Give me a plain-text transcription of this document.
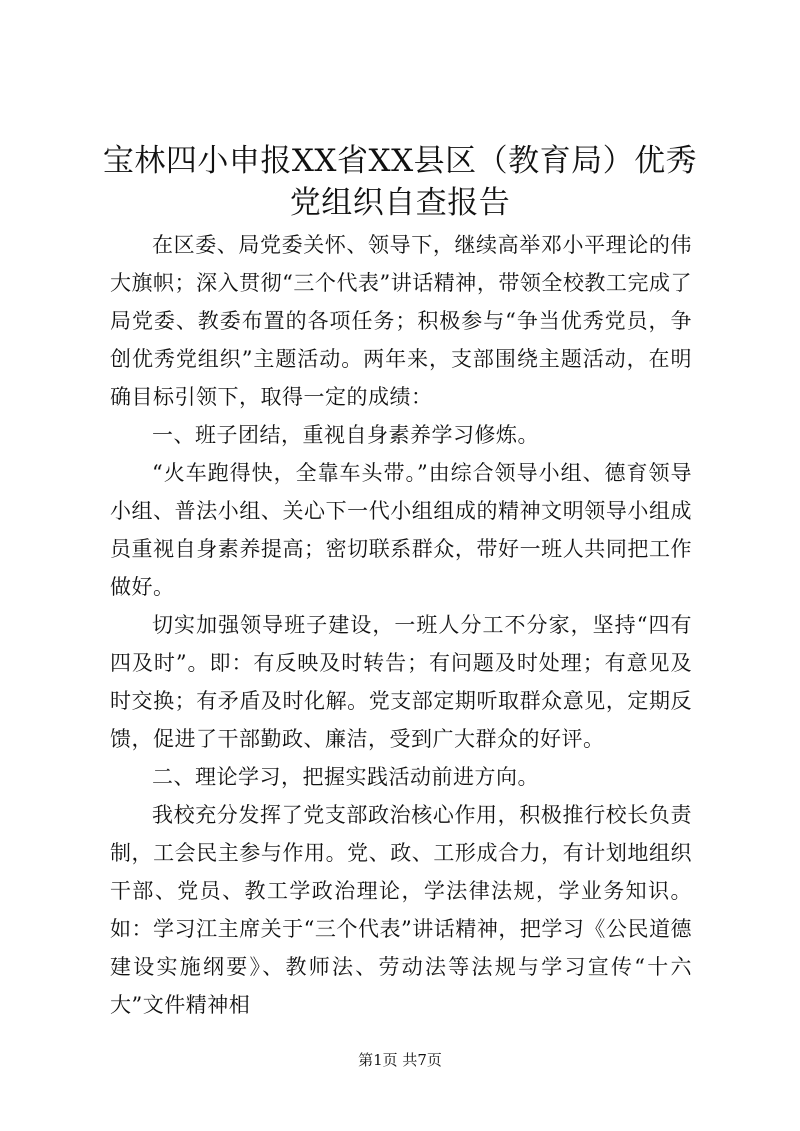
宝林四小申报XX省XX县区（教育局）优秀党组织自查报告

在区委、局党委关怀、领导下，继续高举邓小平理论的伟大旗帜；深入贯彻“三个代表”讲话精神，带领全校教工完成了局党委、教委布置的各项任务；积极参与“争当优秀党员，争创优秀党组织”主题活动。两年来，支部围绕主题活动，在明确目标引领下，取得一定的成绩：

一、班子团结，重视自身素养学习修炼。

“火车跑得快，全靠车头带。”由综合领导小组、德育领导小组、普法小组、关心下一代小组组成的精神文明领导小组成员重视自身素养提高；密切联系群众，带好一班人共同把工作做好。

切实加强领导班子建设，一班人分工不分家，坚持“四有四及时”。即：有反映及时转告；有问题及时处理；有意见及时交换；有矛盾及时化解。党支部定期听取群众意见，定期反馈，促进了干部勤政、廉洁，受到广大群众的好评。

二、理论学习，把握实践活动前进方向。

我校充分发挥了党支部政治核心作用，积极推行校长负责制，工会民主参与作用。党、政、工形成合力，有计划地组织干部、党员、教工学政治理论，学法律法规，学业务知识。如：学习江主席关于“三个代表”讲话精神，把学习《公民道德建设实施纲要》、教师法、劳动法等法规与学习宣传“十六大”文件精神相

第1页 共7页
